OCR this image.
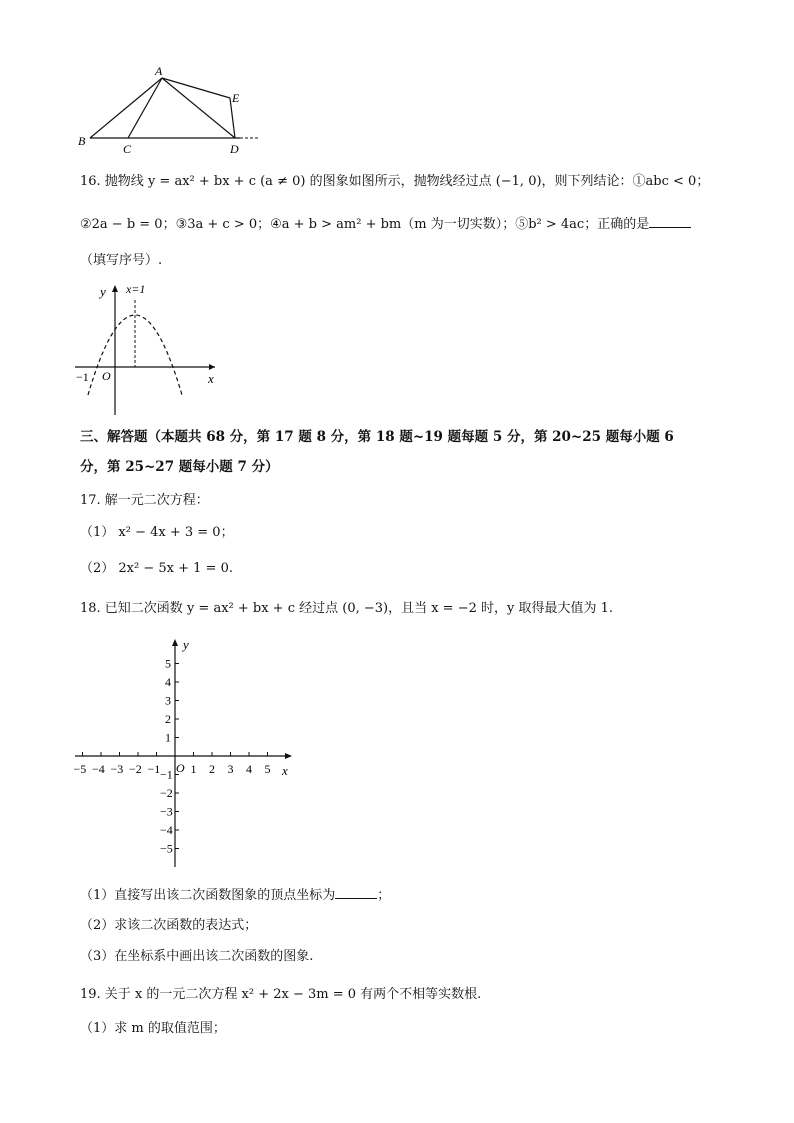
A
B
C	D
E
16. 抛物线 y = ax² + bx + c (a ≠ 0) 的图象如图所示，抛物线经过点 (−1, 0)，则下列结论：①abc < 0；
②2a − b = 0；③3a + c > 0；④a + b > am² + bm（m 为一切实数）；⑤b² > 4ac；正确的是
（填写序号）.
y x=1
O
−1	x
三、解答题（本题共 68 分，第 17 题 8 分，第 18 题~19 题每题 5 分，第 20~25 题每小题 6
分，第 25~27 题每小题 7 分）
17. 解一元二次方程：
（1） x² − 4x + 3 = 0；
（2） 2x² − 5x + 1 = 0.
18. 已知二次函数 y = ax² + bx + c 经过点 (0, −3)，且当 x = −2 时，y 取得最大值为 1.
−5 −4 −3 −2 −1	1 2 3 4 5
5
4
3
2
1
−1
−2
−3
−4
−5
O	x
y
（1）直接写出该二次函数图象的顶点坐标为	；
（2）求该二次函数的表达式；
（3）在坐标系中画出该二次函数的图象.
19. 关于 x 的一元二次方程 x² + 2x − 3m = 0 有两个不相等实数根.
（1）求 m 的取值范围；
